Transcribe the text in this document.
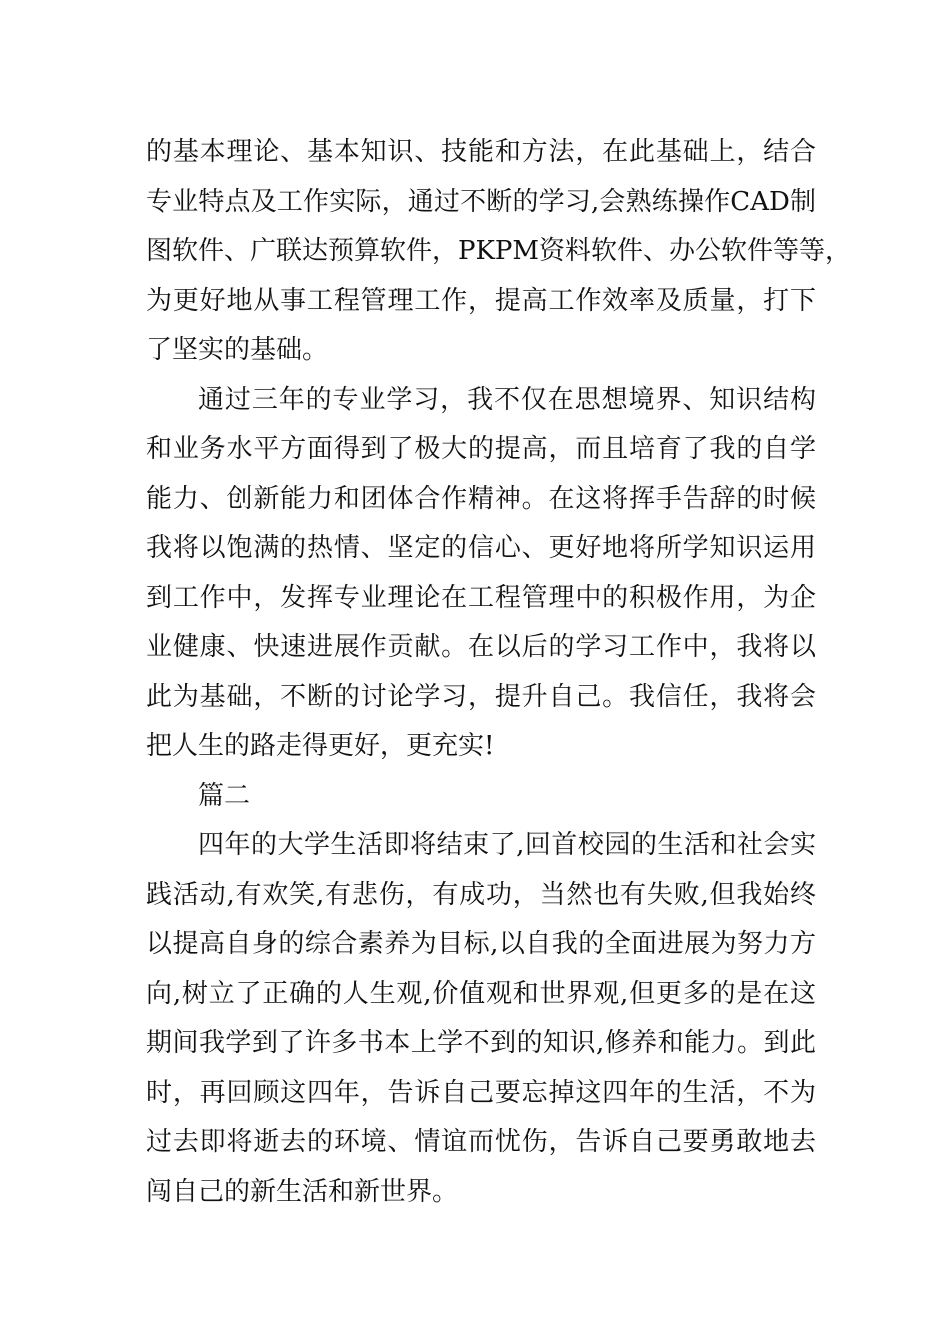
的基本理论、基本知识、技能和方法，在此基础上，结合
专业特点及工作实际，通过不断的学习,会熟练操作CAD制
图软件、广联达预算软件，PKPM资料软件、办公软件等等，
为更好地从事工程管理工作，提高工作效率及质量，打下
了坚实的基础。
通过三年的专业学习，我不仅在思想境界、知识结构
和业务水平方面得到了极大的提高，而且培育了我的自学
能力、创新能力和团体合作精神。在这将挥手告辞的时候
我将以饱满的热情、坚定的信心、更好地将所学知识运用
到工作中，发挥专业理论在工程管理中的积极作用，为企
业健康、快速进展作贡献。在以后的学习工作中，我将以
此为基础，不断的讨论学习，提升自己。我信任，我将会
把人生的路走得更好，更充实!
篇二
四年的大学生活即将结束了,回首校园的生活和社会实
践活动,有欢笑,有悲伤，有成功，当然也有失败,但我始终
以提高自身的综合素养为目标,以自我的全面进展为努力方
向,树立了正确的人生观,价值观和世界观,但更多的是在这
期间我学到了许多书本上学不到的知识,修养和能力。到此
时，再回顾这四年，告诉自己要忘掉这四年的生活，不为
过去即将逝去的环境、情谊而忧伤，告诉自己要勇敢地去
闯自己的新生活和新世界。
